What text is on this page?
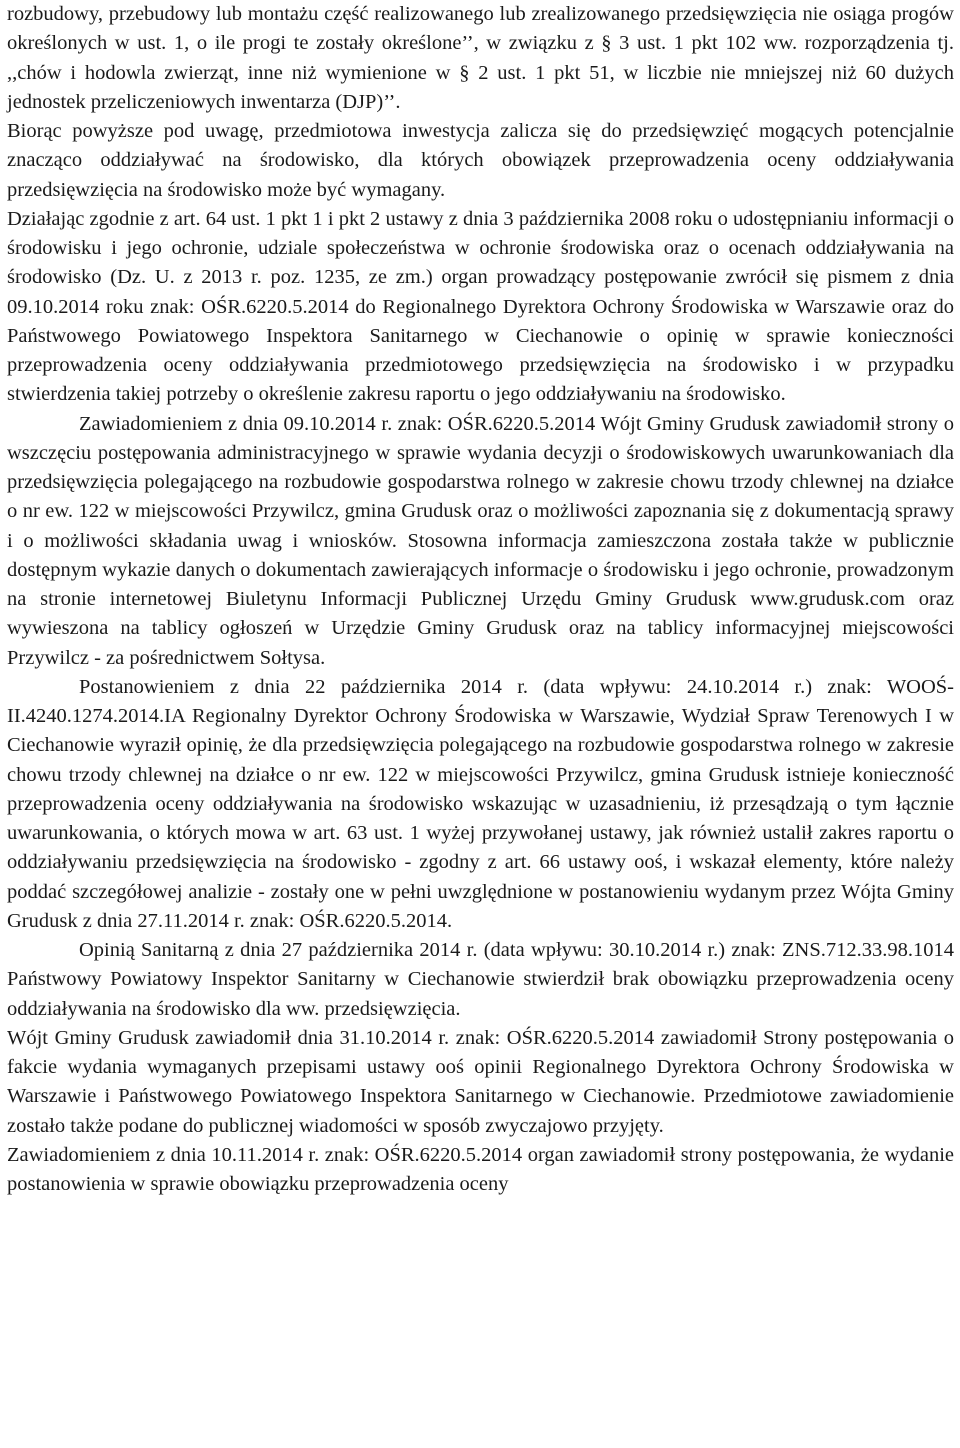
rozbudowy, przebudowy lub montażu część realizowanego lub zrealizowanego przedsięwzięcia nie osiąga progów określonych w ust. 1, o ile progi te zostały określone’’, w związku z § 3 ust. 1 pkt 102 ww. rozporządzenia tj. ,,chów i hodowla zwierząt, inne niż wymienione w § 2 ust. 1 pkt 51, w liczbie nie mniejszej niż 60 dużych jednostek przeliczeniowych inwentarza (DJP)’’.

Biorąc powyższe pod uwagę, przedmiotowa inwestycja zalicza się do przedsięwzięć mogących potencjalnie znacząco oddziaływać na środowisko, dla których obowiązek przeprowadzenia oceny oddziaływania przedsięwzięcia na środowisko może być wymagany.

Działając zgodnie z art. 64 ust. 1 pkt 1 i pkt 2 ustawy z dnia 3 października 2008 roku o udostępnianiu informacji o środowisku i jego ochronie, udziale społeczeństwa w ochronie środowiska oraz o ocenach oddziaływania na środowisko (Dz. U. z 2013 r. poz. 1235, ze zm.) organ prowadzący postępowanie zwrócił się pismem z dnia 09.10.2014 roku znak: OŚR.6220.5.2014 do Regionalnego Dyrektora Ochrony Środowiska w Warszawie oraz do Państwowego Powiatowego Inspektora Sanitarnego w Ciechanowie o opinię w sprawie konieczności przeprowadzenia oceny oddziaływania przedmiotowego przedsięwzięcia na środowisko i w przypadku stwierdzenia takiej potrzeby o określenie zakresu raportu o jego oddziaływaniu na środowisko.

Zawiadomieniem z dnia 09.10.2014 r. znak: OŚR.6220.5.2014 Wójt Gminy Grudusk zawiadomił strony o wszczęciu postępowania administracyjnego w sprawie wydania decyzji o środowiskowych uwarunkowaniach dla przedsięwzięcia polegającego na rozbudowie gospodarstwa rolnego w zakresie chowu trzody chlewnej na działce o nr ew. 122 w miejscowości Przywilcz, gmina Grudusk oraz o możliwości zapoznania się z dokumentacją sprawy i o możliwości składania uwag i wniosków. Stosowna informacja zamieszczona została także w publicznie dostępnym wykazie danych o dokumentach zawierających informacje o środowisku i jego ochronie, prowadzonym na stronie internetowej Biuletynu Informacji Publicznej Urzędu Gminy Grudusk www.grudusk.com oraz wywieszona na tablicy ogłoszeń w Urzędzie Gminy Grudusk oraz na tablicy informacyjnej miejscowości Przywilcz - za pośrednictwem Sołtysa.

Postanowieniem z dnia 22 października 2014 r. (data wpływu: 24.10.2014 r.) znak: WOOŚ-II.4240.1274.2014.IA Regionalny Dyrektor Ochrony Środowiska w Warszawie, Wydział Spraw Terenowych I w Ciechanowie wyraził opinię, że dla przedsięwzięcia polegającego na rozbudowie gospodarstwa rolnego w zakresie chowu trzody chlewnej na działce o nr ew. 122 w miejscowości Przywilcz, gmina Grudusk istnieje konieczność przeprowadzenia oceny oddziaływania na środowisko wskazując w uzasadnieniu, iż przesądzają o tym łącznie uwarunkowania, o których mowa w art. 63 ust. 1 wyżej przywołanej ustawy, jak również ustalił zakres raportu o oddziaływaniu przedsięwzięcia na środowisko - zgodny z art. 66 ustawy ooś, i wskazał elementy, które należy poddać szczegółowej analizie - zostały one w pełni uwzględnione w postanowieniu wydanym przez Wójta Gminy Grudusk z dnia 27.11.2014 r. znak: OŚR.6220.5.2014.

Opinią Sanitarną z dnia 27 października 2014 r. (data wpływu: 30.10.2014 r.) znak: ZNS.712.33.98.1014 Państwowy Powiatowy Inspektor Sanitarny w Ciechanowie stwierdził brak obowiązku przeprowadzenia oceny oddziaływania na środowisko dla ww. przedsięwzięcia.

Wójt Gminy Grudusk zawiadomił dnia 31.10.2014 r. znak: OŚR.6220.5.2014 zawiadomił Strony postępowania o fakcie wydania wymaganych przepisami ustawy ooś opinii Regionalnego Dyrektora Ochrony Środowiska w Warszawie i Państwowego Powiatowego Inspektora Sanitarnego w Ciechanowie. Przedmiotowe zawiadomienie zostało także podane do publicznej wiadomości w sposób zwyczajowo przyjęty.

Zawiadomieniem z dnia 10.11.2014 r. znak: OŚR.6220.5.2014 organ zawiadomił strony postępowania, że wydanie postanowienia w sprawie obowiązku przeprowadzenia oceny
